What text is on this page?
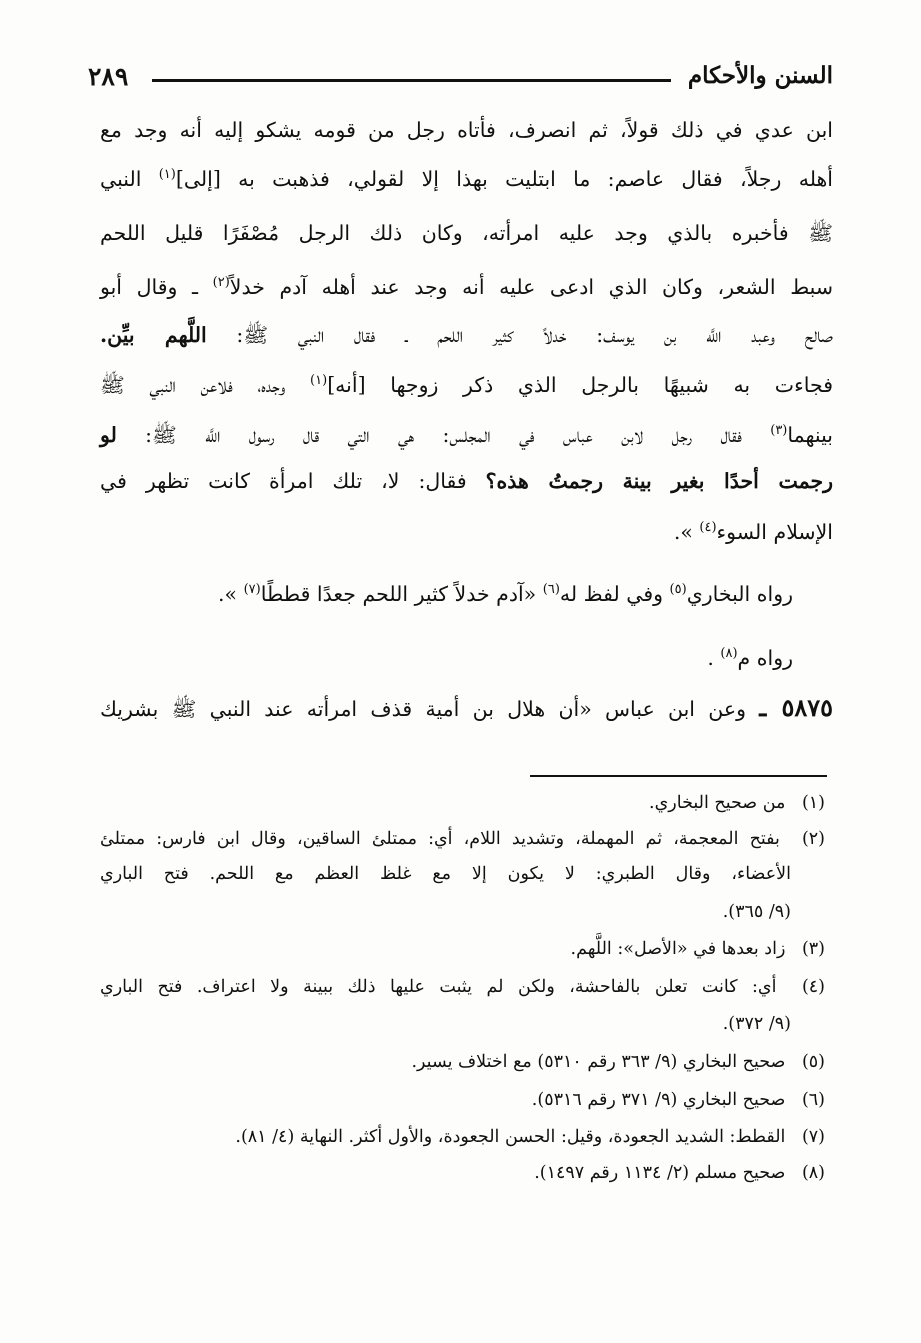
السنن والأحكام
٢٨٩
ابن عدي في ذلك قولاً، ثم انصرف، فأتاه رجل من قومه يشكو إليه أنه وجد مع
أهله رجلاً، فقال عاصم: ما ابتليت بهذا إلا لقولي، فذهبت به [إلى]$^{(١)}$ النبي
ﷺ فأخبره بالذي وجد عليه امرأته، وكان ذلك الرجل مُصْفَرًا قليل اللحم
سبط الشعر، وكان الذي ادعى عليه أنه وجد عند أهله آدم خدلاً$^{(٢)}$ ـ وقال أبو
صالح وعبد اللَّه بن يوسف: خدلاً كثير اللحم ـ فقال النبي ﷺ: اللَّهم بيِّن.
فجاءت به شبيهًا بالرجل الذي ذكر زوجها [أنه]$^{(١)}$ وجده، فلاعن النبي ﷺ
بينهما$^{(٣)}$ فقال رجل لابن عباس في المجلس: هي التي قال رسول اللَّه ﷺ: لو
رجمت أحدًا بغير بينة رجمتُ هذه؟ فقال: لا، تلك امرأة كانت تظهر في
الإسلام السوء$^{(٤)}$ ».
رواه البخاري$^{(٥)}$ وفي لفظ له$^{(٦)}$ «آدم خدلاً كثير اللحم جعدًا قططًا$^{(٧)}$ ».
رواه م$^{(٨)}$ .
٥٨٧٥ ـ وعن ابن عباس «أن هلال بن أمية قذف امرأته عند النبي ﷺ بشريك
(١) من صحيح البخاري.
(٢) بفتح المعجمة، ثم المهملة، وتشديد اللام، أي: ممتلئ الساقين، وقال ابن فارس: ممتلئ
الأعضاء، وقال الطبري: لا يكون إلا مع غلظ العظم مع اللحم. فتح الباري
(٩/ ٣٦٥).
(٣) زاد بعدها في «الأصل»: اللَّهم.
(٤) أي: كانت تعلن بالفاحشة، ولكن لم يثبت عليها ذلك ببينة ولا اعتراف. فتح الباري
(٩/ ٣٧٢).
(٥) صحيح البخاري (٩/ ٣٦٣ رقم ٥٣١٠) مع اختلاف يسير.
(٦) صحيح البخاري (٩/ ٣٧١ رقم ٥٣١٦).
(٧) القطط: الشديد الجعودة، وقيل: الحسن الجعودة، والأول أكثر. النهاية (٤/ ٨١).
(٨) صحيح مسلم (٢/ ١١٣٤ رقم ١٤٩٧).
